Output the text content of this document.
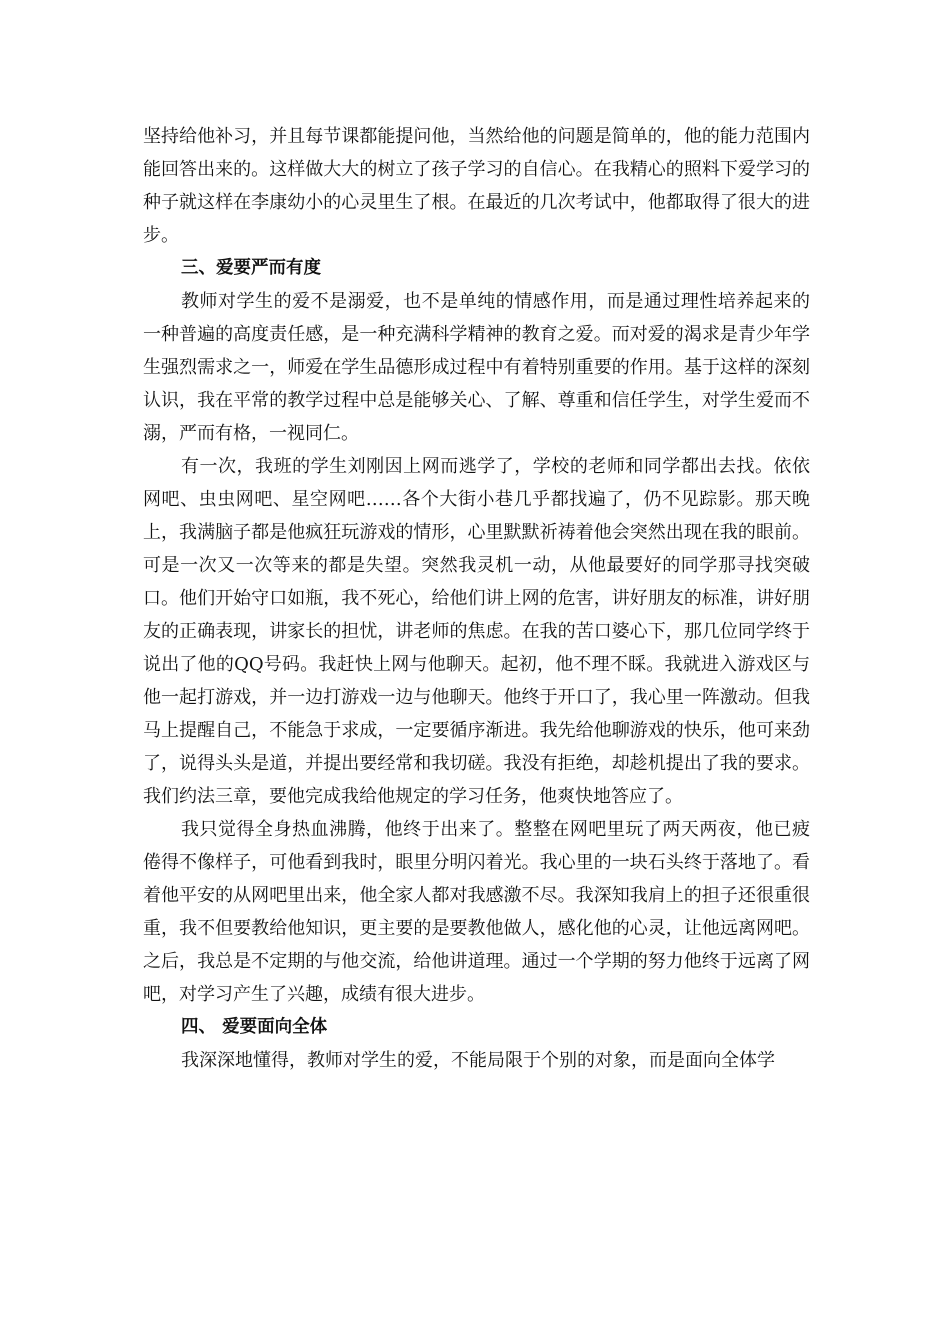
坚持给他补习，并且每节课都能提问他，当然给他的问题是简单的，他的能力范围内能回答出来的。这样做大大的树立了孩子学习的自信心。在我精心的照料下爱学习的种子就这样在李康幼小的心灵里生了根。在最近的几次考试中，他都取得了很大的进步。

三、爱要严而有度

教师对学生的爱不是溺爱，也不是单纯的情感作用，而是通过理性培养起来的一种普遍的高度责任感，是一种充满科学精神的教育之爱。而对爱的渴求是青少年学生强烈需求之一，师爱在学生品德形成过程中有着特别重要的作用。基于这样的深刻认识，我在平常的教学过程中总是能够关心、了解、尊重和信任学生，对学生爱而不溺，严而有格，一视同仁。

有一次，我班的学生刘刚因上网而逃学了，学校的老师和同学都出去找。依依网吧、虫虫网吧、星空网吧……各个大街小巷几乎都找遍了，仍不见踪影。那天晚上，我满脑子都是他疯狂玩游戏的情形，心里默默祈祷着他会突然出现在我的眼前。可是一次又一次等来的都是失望。突然我灵机一动，从他最要好的同学那寻找突破口。他们开始守口如瓶，我不死心，给他们讲上网的危害，讲好朋友的标准，讲好朋友的正确表现，讲家长的担忧，讲老师的焦虑。在我的苦口婆心下，那几位同学终于说出了他的QQ号码。我赶快上网与他聊天。起初，他不理不睬。我就进入游戏区与他一起打游戏，并一边打游戏一边与他聊天。他终于开口了，我心里一阵激动。但我马上提醒自己，不能急于求成，一定要循序渐进。我先给他聊游戏的快乐，他可来劲了，说得头头是道，并提出要经常和我切磋。我没有拒绝，却趁机提出了我的要求。我们约法三章，要他完成我给他规定的学习任务，他爽快地答应了。

我只觉得全身热血沸腾，他终于出来了。整整在网吧里玩了两天两夜，他已疲倦得不像样子，可他看到我时，眼里分明闪着光。我心里的一块石头终于落地了。看着他平安的从网吧里出来，他全家人都对我感激不尽。我深知我肩上的担子还很重很重，我不但要教给他知识，更主要的是要教他做人，感化他的心灵，让他远离网吧。之后，我总是不定期的与他交流，给他讲道理。通过一个学期的努力他终于远离了网吧，对学习产生了兴趣，成绩有很大进步。

四、 爱要面向全体

我深深地懂得，教师对学生的爱，不能局限于个别的对象，而是面向全体学
